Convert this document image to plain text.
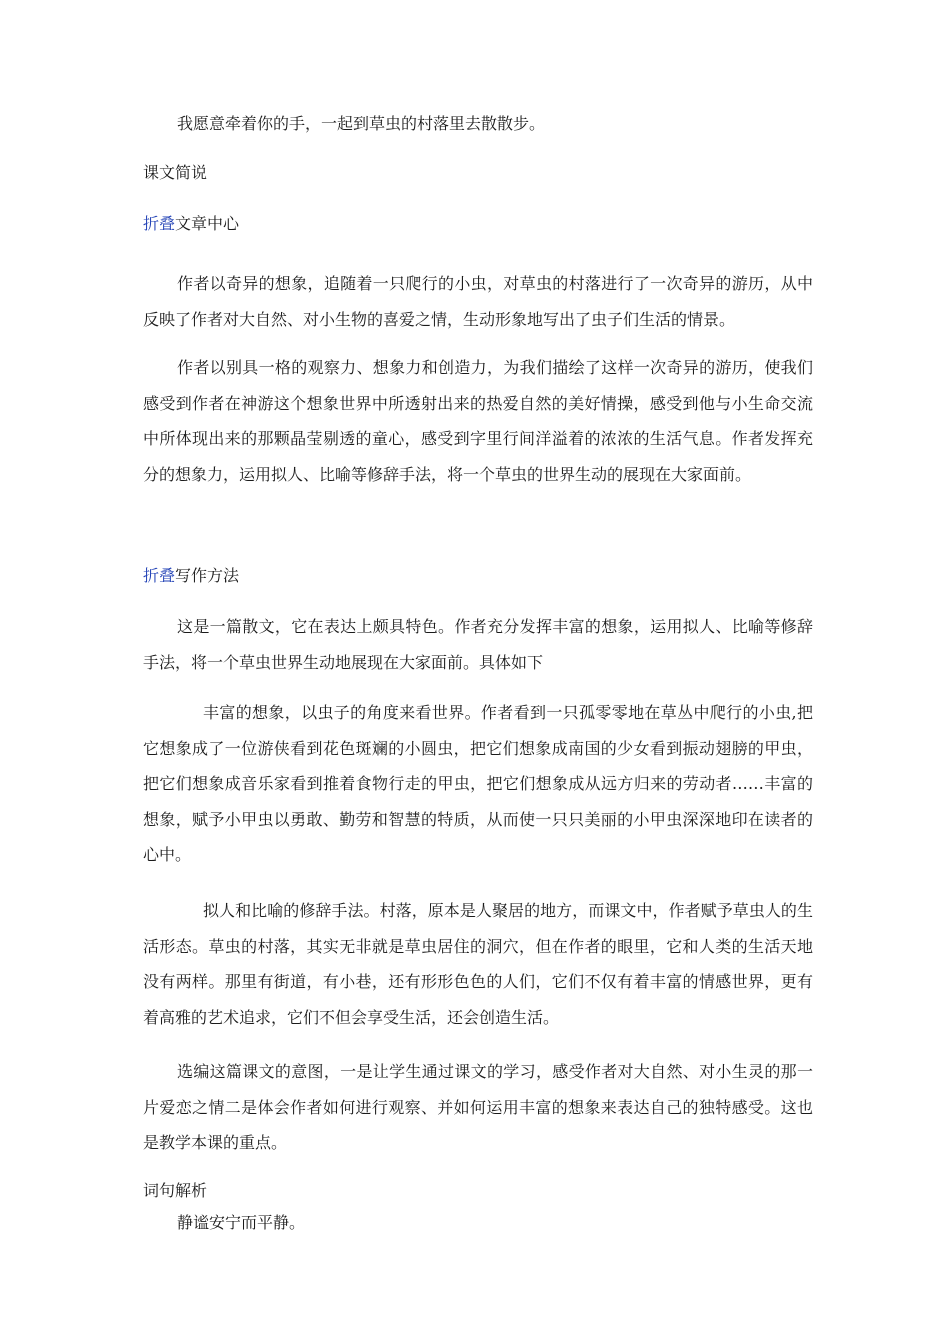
我愿意牵着你的手，一起到草虫的村落里去散散步。

课文简说

折叠文章中心

作者以奇异的想象，追随着一只爬行的小虫，对草虫的村落进行了一次奇异的游历，从中反映了作者对大自然、对小生物的喜爱之情，生动形象地写出了虫子们生活的情景。

作者以别具一格的观察力、想象力和创造力，为我们描绘了这样一次奇异的游历，使我们感受到作者在神游这个想象世界中所透射出来的热爱自然的美好情操，感受到他与小生命交流中所体现出来的那颗晶莹剔透的童心，感受到字里行间洋溢着的浓浓的生活气息。作者发挥充分的想象力，运用拟人、比喻等修辞手法，将一个草虫的世界生动的展现在大家面前。

折叠写作方法

这是一篇散文，它在表达上颇具特色。作者充分发挥丰富的想象，运用拟人、比喻等修辞手法，将一个草虫世界生动地展现在大家面前。具体如下

丰富的想象，以虫子的角度来看世界。作者看到一只孤零零地在草丛中爬行的小虫,把它想象成了一位游侠看到花色斑斓的小圆虫，把它们想象成南国的少女看到振动翅膀的甲虫，把它们想象成音乐家看到推着食物行走的甲虫，把它们想象成从远方归来的劳动者……丰富的想象，赋予小甲虫以勇敢、勤劳和智慧的特质，从而使一只只美丽的小甲虫深深地印在读者的心中。

拟人和比喻的修辞手法。村落，原本是人聚居的地方，而课文中，作者赋予草虫人的生活形态。草虫的村落，其实无非就是草虫居住的洞穴，但在作者的眼里，它和人类的生活天地没有两样。那里有街道，有小巷，还有形形色色的人们，它们不仅有着丰富的情感世界，更有着高雅的艺术追求，它们不但会享受生活，还会创造生活。

选编这篇课文的意图，一是让学生通过课文的学习，感受作者对大自然、对小生灵的那一片爱恋之情二是体会作者如何进行观察、并如何运用丰富的想象来表达自己的独特感受。这也是教学本课的重点。

词句解析

静谧安宁而平静。
